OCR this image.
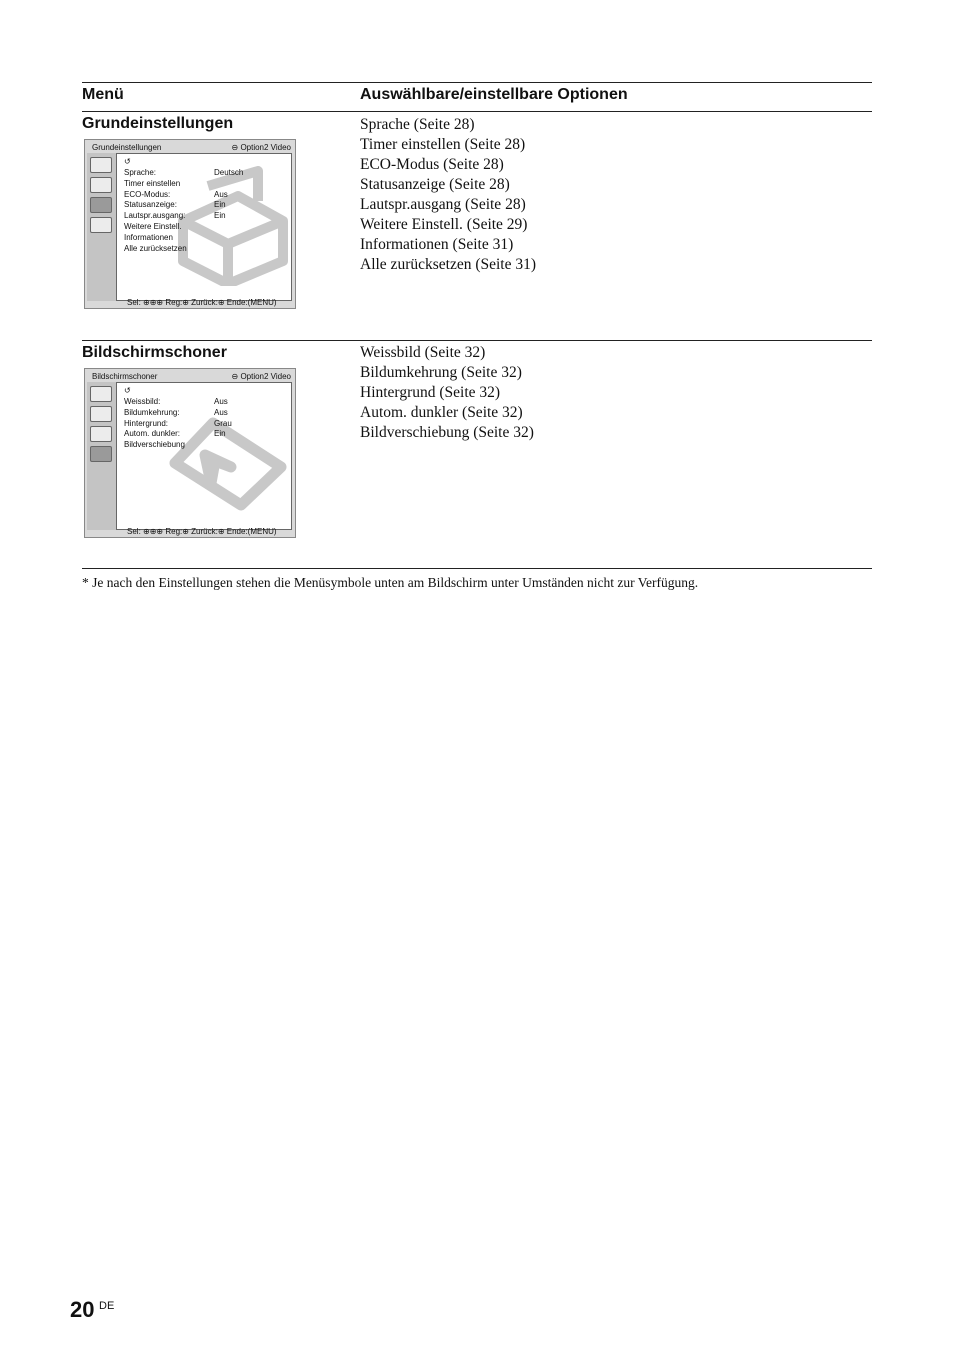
Menü	Auswählbare/einstellbare Optionen
Grundeinstellungen	Sprache (Seite 28)
Timer einstellen (Seite 28)
ECO-Modus (Seite 28)
Statusanzeige (Seite 28)
Lautspr.ausgang (Seite 28)
Weitere Einstell. (Seite 29)
Informationen (Seite 31)
Alle zurücksetzen (Seite 31)
Grundeinstellungen	⊖ Option2 Video
↺
Sprache:	Deutsch
Timer einstellen
ECO-Modus:	Aus
Statusanzeige:	Ein
Lautspr.ausgang:	Ein
Weitere Einstell.
Informationen
Alle zurücksetzen
Sel: ⊕⊕⊕ Reg:⊕ Zurück:⊕ Ende:(MENU)
Bildschirmschoner	Weissbild (Seite 32)
Bildumkehrung (Seite 32)
Hintergrund (Seite 32)
Autom. dunkler (Seite 32)
Bildverschiebung (Seite 32)
Bildschirmschoner	⊖ Option2 Video
↺
Weissbild:	Aus
Bildumkehrung:	Aus
Hintergrund:	Grau
Autom. dunkler:	Ein
Bildverschiebung
Sel: ⊕⊕⊕ Reg:⊕ Zurück:⊕ Ende:(MENU)
* Je nach den Einstellungen stehen die Menüsymbole unten am Bildschirm unter Umständen nicht zur Verfügung.
20 DE
